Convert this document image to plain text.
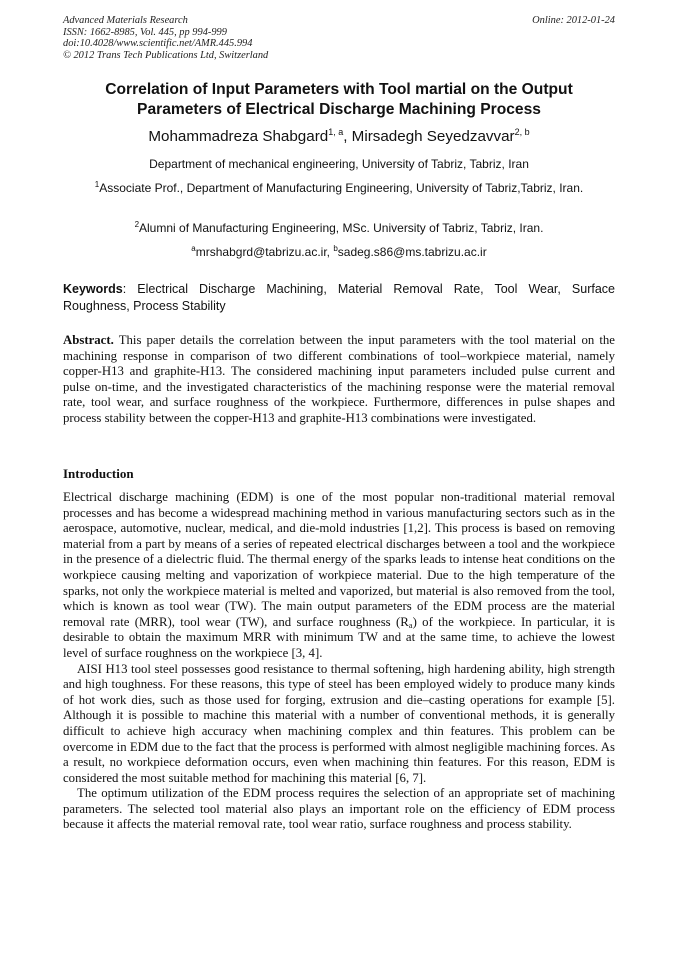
Advanced Materials Research
ISSN: 1662-8985, Vol. 445, pp 994-999
doi:10.4028/www.scientific.net/AMR.445.994
© 2012 Trans Tech Publications Ltd, Switzerland
Online: 2012-01-24
Correlation of Input Parameters with Tool martial on the Output
Parameters of Electrical Discharge Machining Process
Mohammadreza Shabgard$^{1, a}$, Mirsadegh Seyedzavvar$^{2, b}$
Department of mechanical engineering, University of Tabriz, Tabriz, Iran
$^1$Associate Prof., Department of Manufacturing Engineering, University of Tabriz,Tabriz, Iran.
$^2$Alumni of Manufacturing Engineering, MSc. University of Tabriz, Tabriz, Iran.
$^a$mrshabgrd@tabrizu.ac.ir, $^b$sadeg.s86@ms.tabrizu.ac.ir
Keywords: Electrical Discharge Machining, Material Removal Rate, Tool Wear, Surface Roughness, Process Stability
Abstract. This paper details the correlation between the input parameters with the tool material on the machining response in comparison of two different combinations of tool–workpiece material, namely copper-H13 and graphite-H13. The considered machining input parameters included pulse current and pulse on-time, and the investigated characteristics of the machining response were the material removal rate, tool wear, and surface roughness of the workpiece. Furthermore, differences in pulse shapes and process stability between the copper-H13 and graphite-H13 combinations were investigated.
Introduction

Electrical discharge machining (EDM) is one of the most popular non-traditional material removal processes and has become a widespread machining method in various manufacturing sectors such as in the aerospace, automotive, nuclear, medical, and die-mold industries [1,2]. This process is based on removing material from a part by means of a series of repeated electrical discharges between a tool and the workpiece in the presence of a dielectric fluid. The thermal energy of the sparks leads to intense heat conditions on the workpiece causing melting and vaporization of workpiece material. Due to the high temperature of the sparks, not only the workpiece material is melted and vaporized, but material is also removed from the tool, which is known as tool wear (TW). The main output parameters of the EDM process are the material removal rate (MRR), tool wear (TW), and surface roughness $(R_a)$ of the workpiece. In particular, it is desirable to obtain the maximum MRR with minimum TW and at the same time, to achieve the lowest level of surface roughness on the workpiece [3, 4].

AISI H13 tool steel possesses good resistance to thermal softening, high hardening ability, high strength and high toughness. For these reasons, this type of steel has been employed widely to produce many kinds of hot work dies, such as those used for forging, extrusion and die–casting operations for example [5]. Although it is possible to machine this material with a number of conventional methods, it is generally difficult to achieve high accuracy when machining complex and thin features. This problem can be overcome in EDM due to the fact that the process is performed with almost negligible machining forces. As a result, no workpiece deformation occurs, even when machining thin features. For this reason, EDM is considered the most suitable method for machining this material [6, 7].

The optimum utilization of the EDM process requires the selection of an appropriate set of machining parameters. The selected tool material also plays an important role on the efficiency of EDM process because it affects the material removal rate, tool wear ratio, surface roughness and process stability.
